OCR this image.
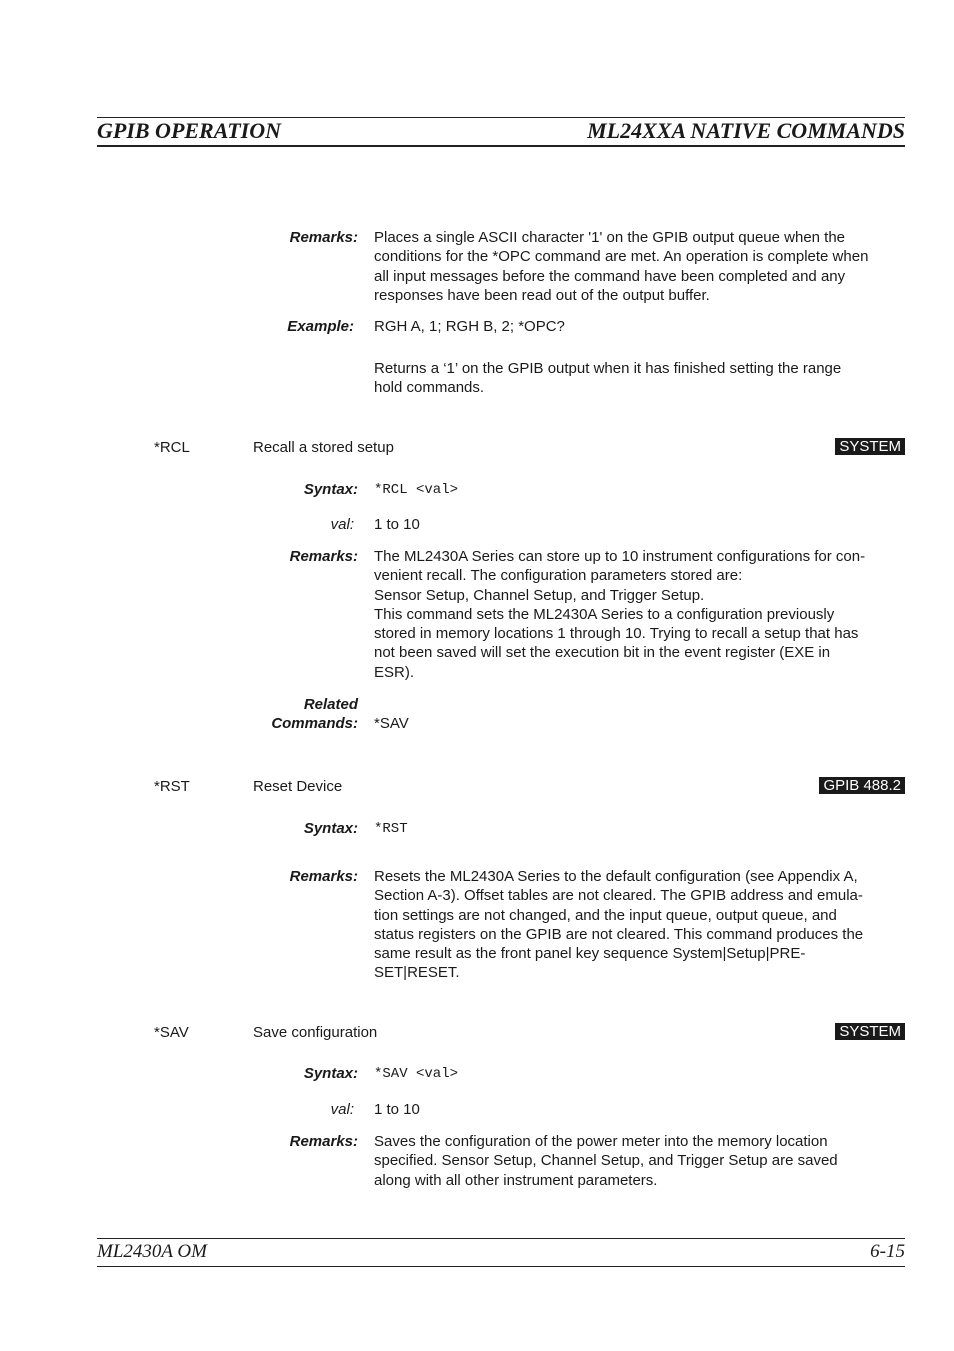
GPIB OPERATION	ML24XXA NATIVE COMMANDS
Remarks: Places a single ASCII character '1' on the GPIB output queue when the
conditions for the *OPC command are met. An operation is complete when
all input messages before the command have been completed and any
responses have been read out of the output buffer.
Example: RGH A, 1; RGH B, 2; *OPC?
Returns a ‘1’ on the GPIB output when it has finished setting the range
hold commands.
*RCL	Recall a stored setup	SYSTEM
Syntax: *RCL <val>
val: 1 to 10
Remarks: The ML2430A Series can store up to 10 instrument configurations for con-
venient recall. The configuration parameters stored are:
Sensor Setup, Channel Setup, and Trigger Setup.
This command sets the ML2430A Series to a configuration previously
stored in memory locations 1 through 10. Trying to recall a setup that has
not been saved will set the execution bit in the event register (EXE in
ESR).
Related
Commands: *SAV
*RST	Reset Device	GPIB 488.2
Syntax: *RST
Remarks: Resets the ML2430A Series to the default configuration (see Appendix A,
Section A-3). Offset tables are not cleared. The GPIB address and emula-
tion settings are not changed, and the input queue, output queue, and
status registers on the GPIB are not cleared. This command produces the
same result as the front panel key sequence System|Setup|PRE-
SET|RESET.
*SAV	Save configuration	SYSTEM
Syntax: *SAV <val>
val: 1 to 10
Remarks: Saves the configuration of the power meter into the memory location
specified. Sensor Setup, Channel Setup, and Trigger Setup are saved
along with all other instrument parameters.
ML2430A OM	6-15
